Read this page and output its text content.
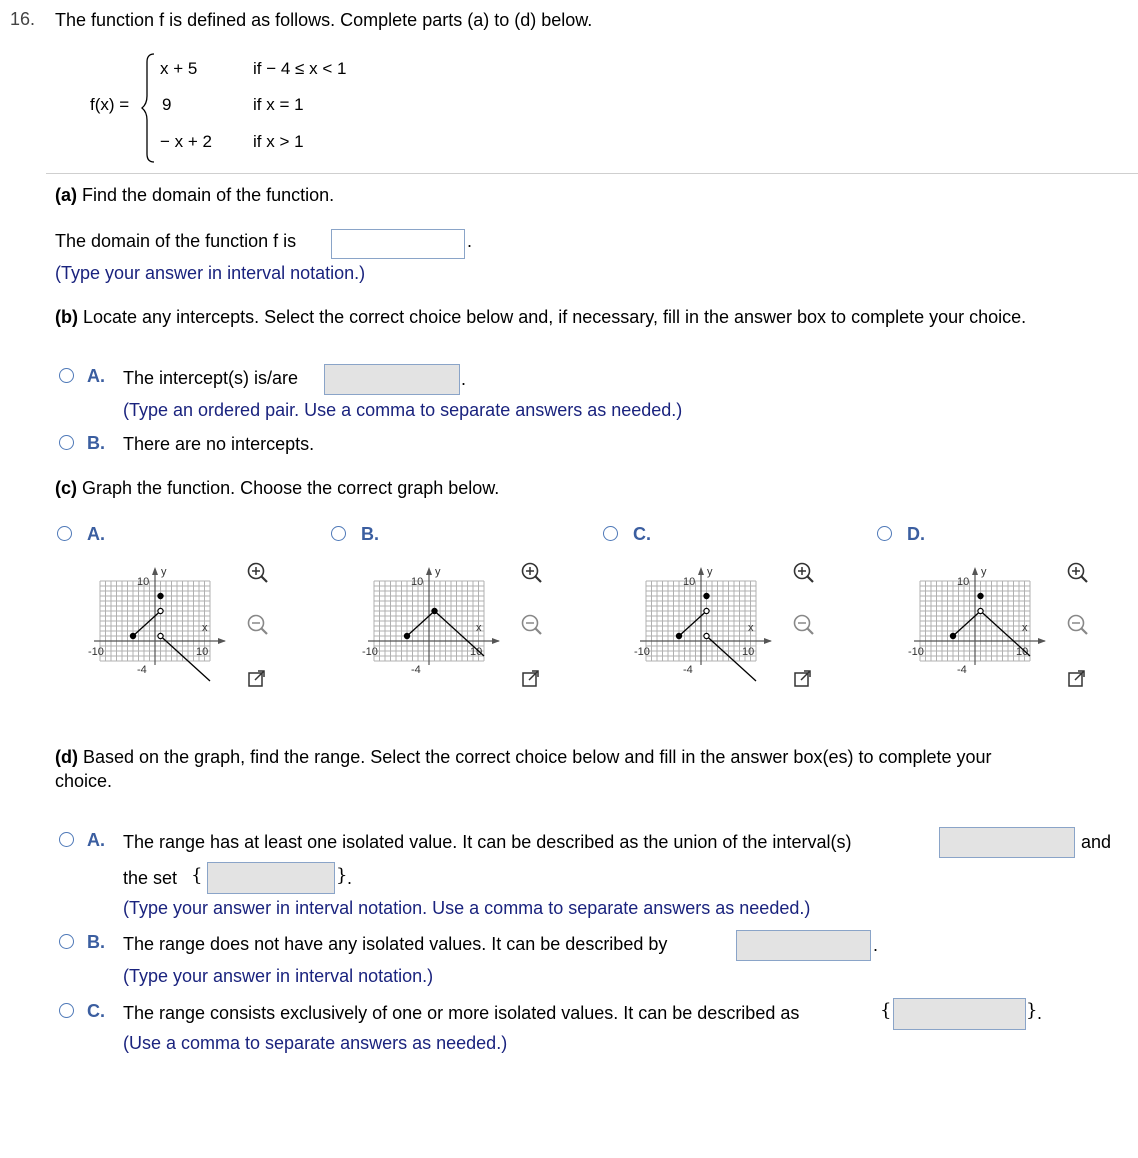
16. The function f is defined as follows. Complete parts (a) to (d) below.
f(x) =
x + 5	if − 4 ≤ x < 1
9	if x = 1
− x + 2 if x > 1
(a) Find the domain of the function.
The domain of the function f is	.
(Type your answer in interval notation.)
(b) Locate any intercepts. Select the correct choice below and, if necessary, fill in the answer box to complete your choice.
A. The intercept(s) is/are	.
(Type an ordered pair. Use a comma to separate answers as needed.)
B. There are no intercepts.
(c) Graph the function. Choose the correct graph below.
A.
y
x
10
-10	10
-4
B.
y
x
10
-10	10
-4
C.
y
x
10
-10	10
-4
D.
y
x
10
-10	10
-4
(d) Based on the graph, find the range. Select the correct choice below and fill in the answer box(es) to complete your
choice.
A. The range has at least one isolated value. It can be described as the union of the interval(s)	and
the set {	} .
(Type your answer in interval notation. Use a comma to separate answers as needed.)
B. The range does not have any isolated values. It can be described by	.
(Type your answer in interval notation.)
C. The range consists exclusively of one or more isolated values. It can be described as	{	} .
(Use a comma to separate answers as needed.)
